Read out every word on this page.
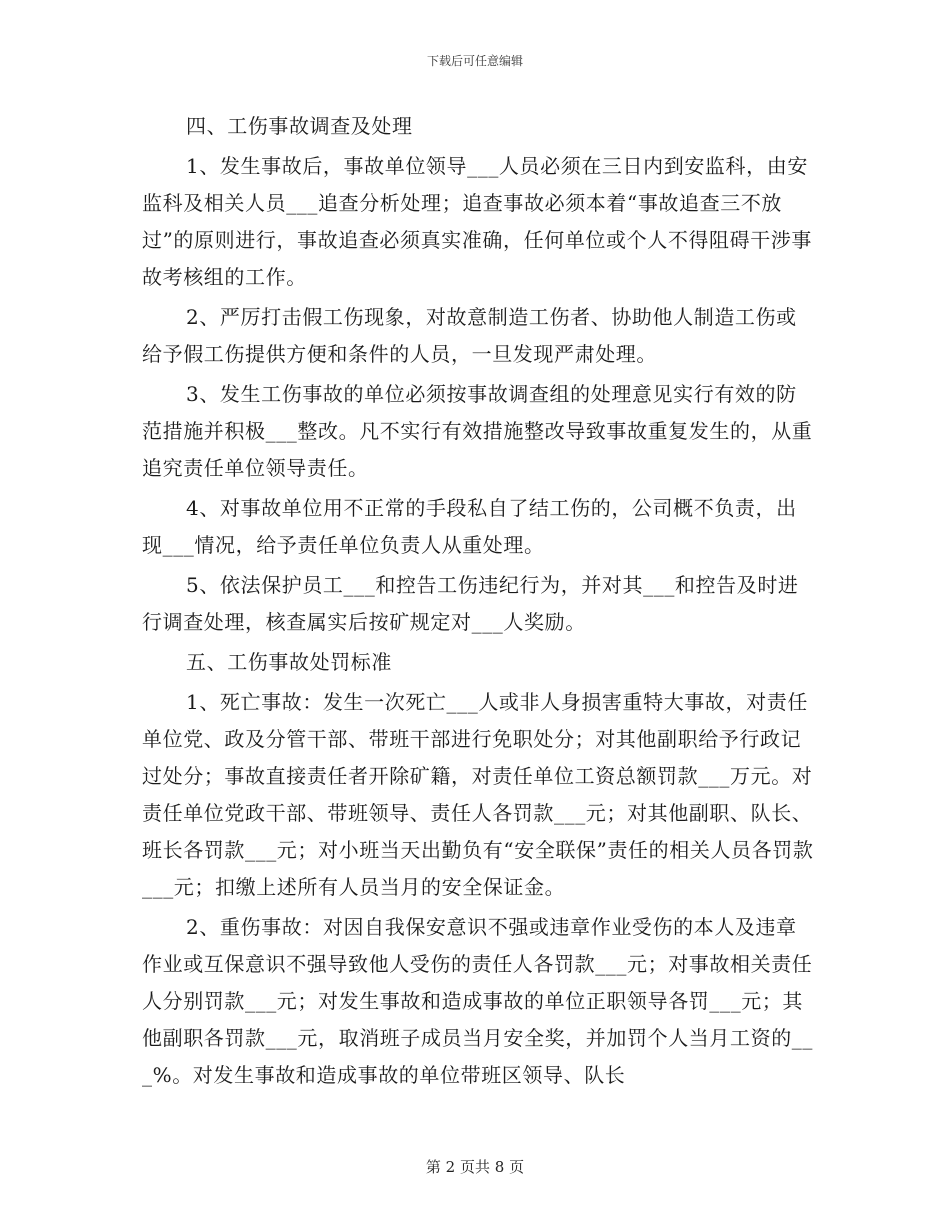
下载后可任意编辑

四、工伤事故调查及处理

1、发生事故后，事故单位领导___人员必须在三日内到安监科，由安监科及相关人员___追查分析处理；追查事故必须本着“事故追查三不放过”的原则进行，事故追查必须真实准确，任何单位或个人不得阻碍干涉事故考核组的工作。

2、严厉打击假工伤现象，对故意制造工伤者、协助他人制造工伤或给予假工伤提供方便和条件的人员，一旦发现严肃处理。

3、发生工伤事故的单位必须按事故调查组的处理意见实行有效的防范措施并积极___整改。凡不实行有效措施整改导致事故重复发生的，从重追究责任单位领导责任。

4、对事故单位用不正常的手段私自了结工伤的，公司概不负责，出现___情况，给予责任单位负责人从重处理。

5、依法保护员工___和控告工伤违纪行为，并对其___和控告及时进行调查处理，核查属实后按矿规定对___人奖励。

五、工伤事故处罚标准

1、死亡事故：发生一次死亡___人或非人身损害重特大事故，对责任单位党、政及分管干部、带班干部进行免职处分；对其他副职给予行政记过处分；事故直接责任者开除矿籍，对责任单位工资总额罚款___万元。对责任单位党政干部、带班领导、责任人各罚款___元；对其他副职、队长、班长各罚款___元；对小班当天出勤负有“安全联保”责任的相关人员各罚款___元；扣缴上述所有人员当月的安全保证金。

2、重伤事故：对因自我保安意识不强或违章作业受伤的本人及违章作业或互保意识不强导致他人受伤的责任人各罚款___元；对事故相关责任人分别罚款___元；对发生事故和造成事故的单位正职领导各罚___元；其他副职各罚款___元，取消班子成员当月安全奖，并加罚个人当月工资的___%。对发生事故和造成事故的单位带班区领导、队长

第 2 页共 8 页
